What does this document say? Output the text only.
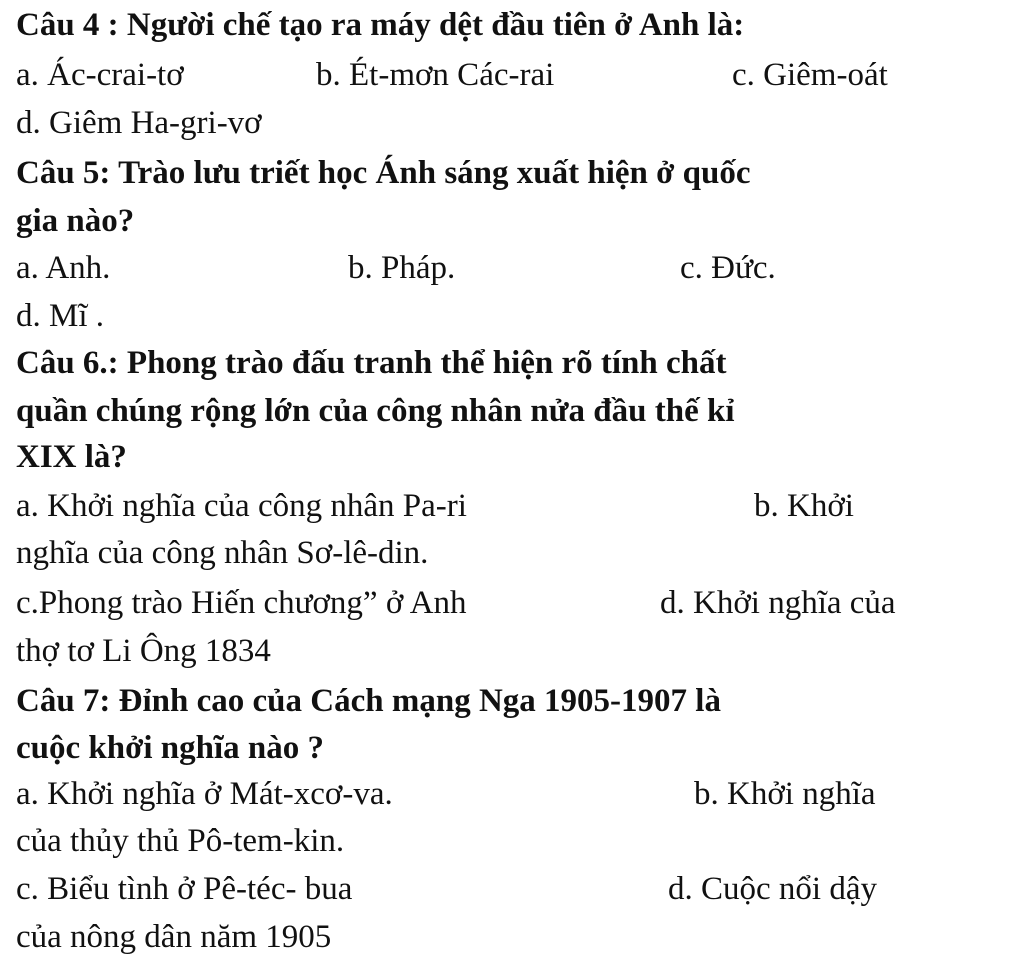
Câu 4 : Người chế tạo ra máy dệt đầu tiên ở Anh là:
a. Ác-crai-tơ	b. Ét-mơn Các-rai	c. Giêm-oát
d. Giêm Ha-gri-vơ
Câu 5: Trào lưu triết học Ánh sáng xuất hiện ở quốc
gia nào?
a. Anh.	b. Pháp.	c. Đức.
d. Mĩ .
Câu 6.: Phong trào đấu tranh thể hiện rõ tính chất
quần chúng rộng lớn của công nhân nửa đầu thế kỉ
XIX là?
a. Khởi nghĩa của công nhân Pa-ri	b. Khởi
nghĩa của công nhân Sơ-lê-din.
c.Phong trào Hiến chương” ở Anh	d. Khởi nghĩa của
thợ tơ Li Ông 1834
Câu 7: Đỉnh cao của Cách mạng Nga 1905-1907 là
cuộc khởi nghĩa nào ?
a. Khởi nghĩa ở Mát-xcơ-va.	b. Khởi nghĩa
của thủy thủ Pô-tem-kin.
c. Biểu tình ở Pê-téc- bua	d. Cuộc nổi dậy
của nông dân năm 1905
